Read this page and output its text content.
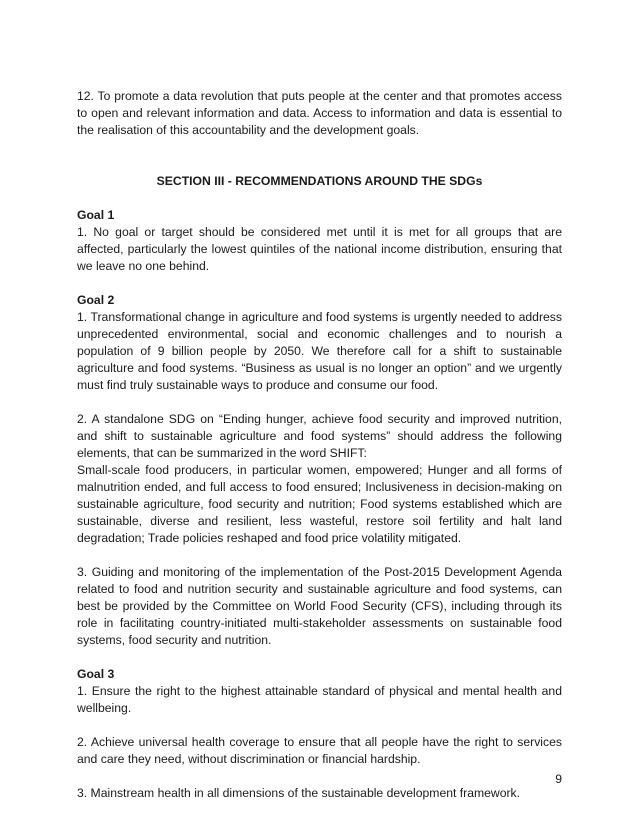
12. To promote a data revolution that puts people at the center and that promotes access to open and relevant information and data. Access to information and data is essential to the realisation of this accountability and the development goals.

SECTION III - RECOMMENDATIONS AROUND THE SDGs

Goal 1

1. No goal or target should be considered met until it is met for all groups that are affected, particularly the lowest quintiles of the national income distribution, ensuring that we leave no one behind.

Goal 2

1. Transformational change in agriculture and food systems is urgently needed to address unprecedented environmental, social and economic challenges and to nourish a population of 9 billion people by 2050. We therefore call for a shift to sustainable agriculture and food systems. “Business as usual is no longer an option” and we urgently must find truly sustainable ways to produce and consume our food.

2. A standalone SDG on “Ending hunger, achieve food security and improved nutrition, and shift to sustainable agriculture and food systems” should address the following elements, that can be summarized in the word SHIFT:

Small-scale food producers, in particular women, empowered; Hunger and all forms of malnutrition ended, and full access to food ensured; Inclusiveness in decision-making on sustainable agriculture, food security and nutrition; Food systems established which are sustainable, diverse and resilient, less wasteful, restore soil fertility and halt land degradation; Trade policies reshaped and food price volatility mitigated.

3. Guiding and monitoring of the implementation of the Post-2015 Development Agenda related to food and nutrition security and sustainable agriculture and food systems, can best be provided by the Committee on World Food Security (CFS), including through its role in facilitating country-initiated multi-stakeholder assessments on sustainable food systems, food security and nutrition.

Goal 3

1. Ensure the right to the highest attainable standard of physical and mental health and wellbeing.

2. Achieve universal health coverage to ensure that all people have the right to services and care they need, without discrimination or financial hardship.

3. Mainstream health in all dimensions of the sustainable development framework.

9
